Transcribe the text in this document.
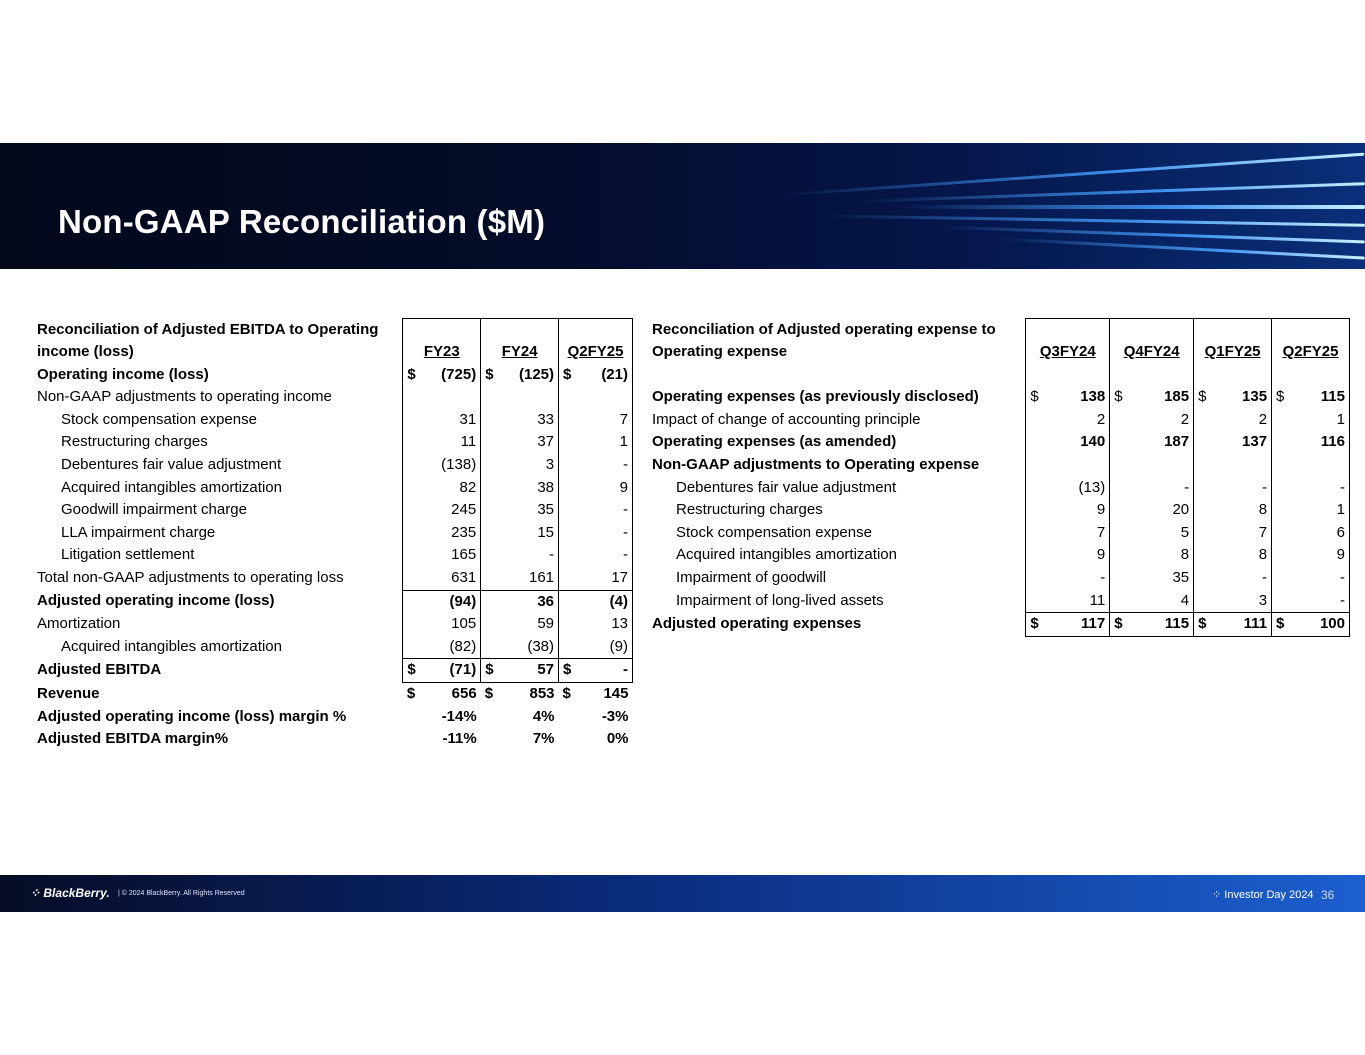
Non-GAAP Reconciliation ($M)
Reconciliation of Adjusted EBITDA to Operating	FY23	FY24	Q2FY25
income (loss)			
Operating income (loss)	$ (725)	$ (125)	$ (21)

Non-GAAP adjustments to operating income	

Stock compensation expense	31	33	7

Restructuring charges	11	37	1

Debentures fair value adjustment	(138)	3	-

Acquired intangibles amortization	82	38	9

Goodwill impairment charge	245	35	-

LLA impairment charge	235	15	-

Litigation settlement	165	-	-

Total non-GAAP adjustments to operating loss	631	161	17

Adjusted operating income (loss)	(94)	36	(4)

Amortization	105	59	13

Acquired intangibles amortization	(82)	(38)	(9)

Adjusted EBITDA	$ (71)	$ 57	$ -

Revenue	$ 656	$ 853	$ 145

Adjusted operating income (loss) margin %	-14%	4%	-3%

Adjusted EBITDA margin%	-11%	7%	0%
Reconciliation of Adjusted operating expense to	Q3FY24	Q4FY24	Q1FY25	Q2FY25
Operating expense				

Operating expenses (as previously disclosed)	$ 138	$ 185	$ 135	$ 115

Impact of change of accounting principle	2	2	2	1

Operating expenses (as amended)	140	187	137	116

Non-GAAP adjustments to Operating expense	

Debentures fair value adjustment	(13)	-	-	-

Restructuring charges	9	20	8	1

Stock compensation expense	7	5	7	6

Acquired intangibles amortization	9	8	8	9

Impairment of goodwill	-	35	-	-

Impairment of long-lived assets	11	4	3	-

Adjusted operating expenses	$ 117	$ 115	$ 111	$ 100
⁘ BlackBerry. | © 2024 BlackBerry. All Rights Reserved	⁘ Investor Day 2024 36
